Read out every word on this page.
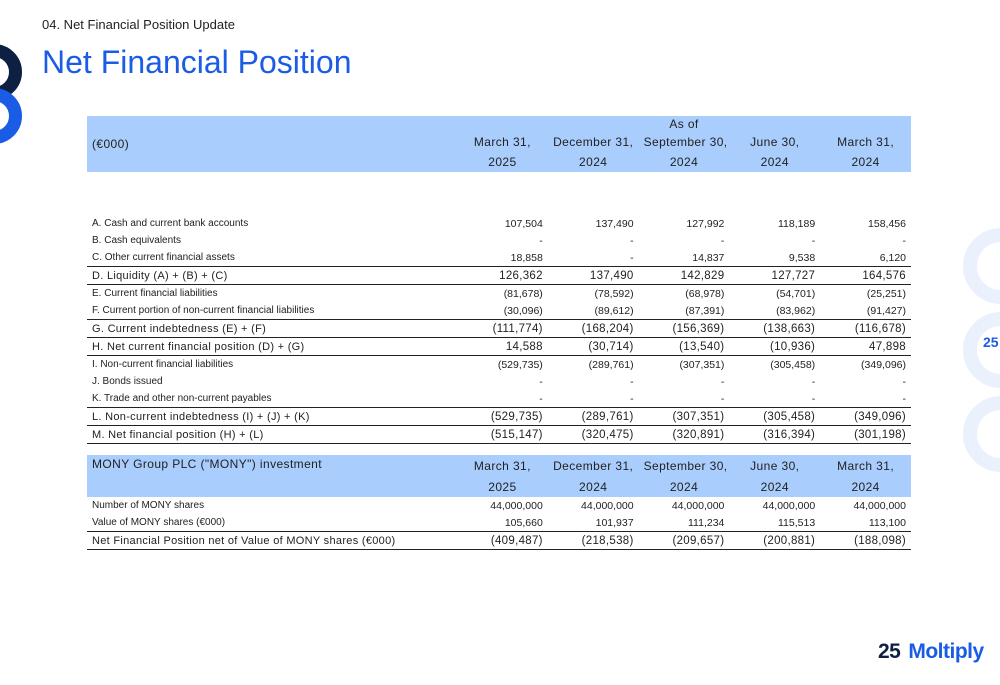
04. Net Financial Position Update
Net Financial Position
25
(€000)			As of		
	March 31,	December 31,	September 30,	June 30,	March 31,
	2025	2024	2024	2024	2024

A. Cash and current bank accounts	107,504	137,490	127,992	118,189	158,456
B. Cash equivalents	-	-	-	-	-
C. Other current financial assets	18,858	-	14,837	9,538	6,120
D. Liquidity (A) + (B) + (C)	126,362	137,490	142,829	127,727	164,576
E. Current financial liabilities	(81,678)	(78,592)	(68,978)	(54,701)	(25,251)
F. Current portion of non-current financial liabilities	(30,096)	(89,612)	(87,391)	(83,962)	(91,427)
G. Current indebtedness (E) + (F)	(111,774)	(168,204)	(156,369)	(138,663)	(116,678)
H. Net current financial position (D) + (G)	14,588	(30,714)	(13,540)	(10,936)	47,898
I. Non-current financial liabilities	(529,735)	(289,761)	(307,351)	(305,458)	(349,096)
J. Bonds issued	-	-	-	-	-
K. Trade and other non-current payables	-	-	-	-	-
L. Non-current indebtedness (I) + (J) + (K)	(529,735)	(289,761)	(307,351)	(305,458)	(349,096)
M. Net financial position (H) + (L)	(515,147)	(320,475)	(320,891)	(316,394)	(301,198)
MONY Group PLC ("MONY") investment	March 31,	December 31,	September 30,	June 30,	March 31,
	2025	2024	2024	2024	2024
Number of MONY shares	44,000,000	44,000,000	44,000,000	44,000,000	44,000,000
Value of MONY shares (€000)	105,660	101,937	111,234	115,513	113,100
Net Financial Position net of Value of MONY shares (€000)	(409,487)	(218,538)	(209,657)	(200,881)	(188,098)
25 Moltiply
